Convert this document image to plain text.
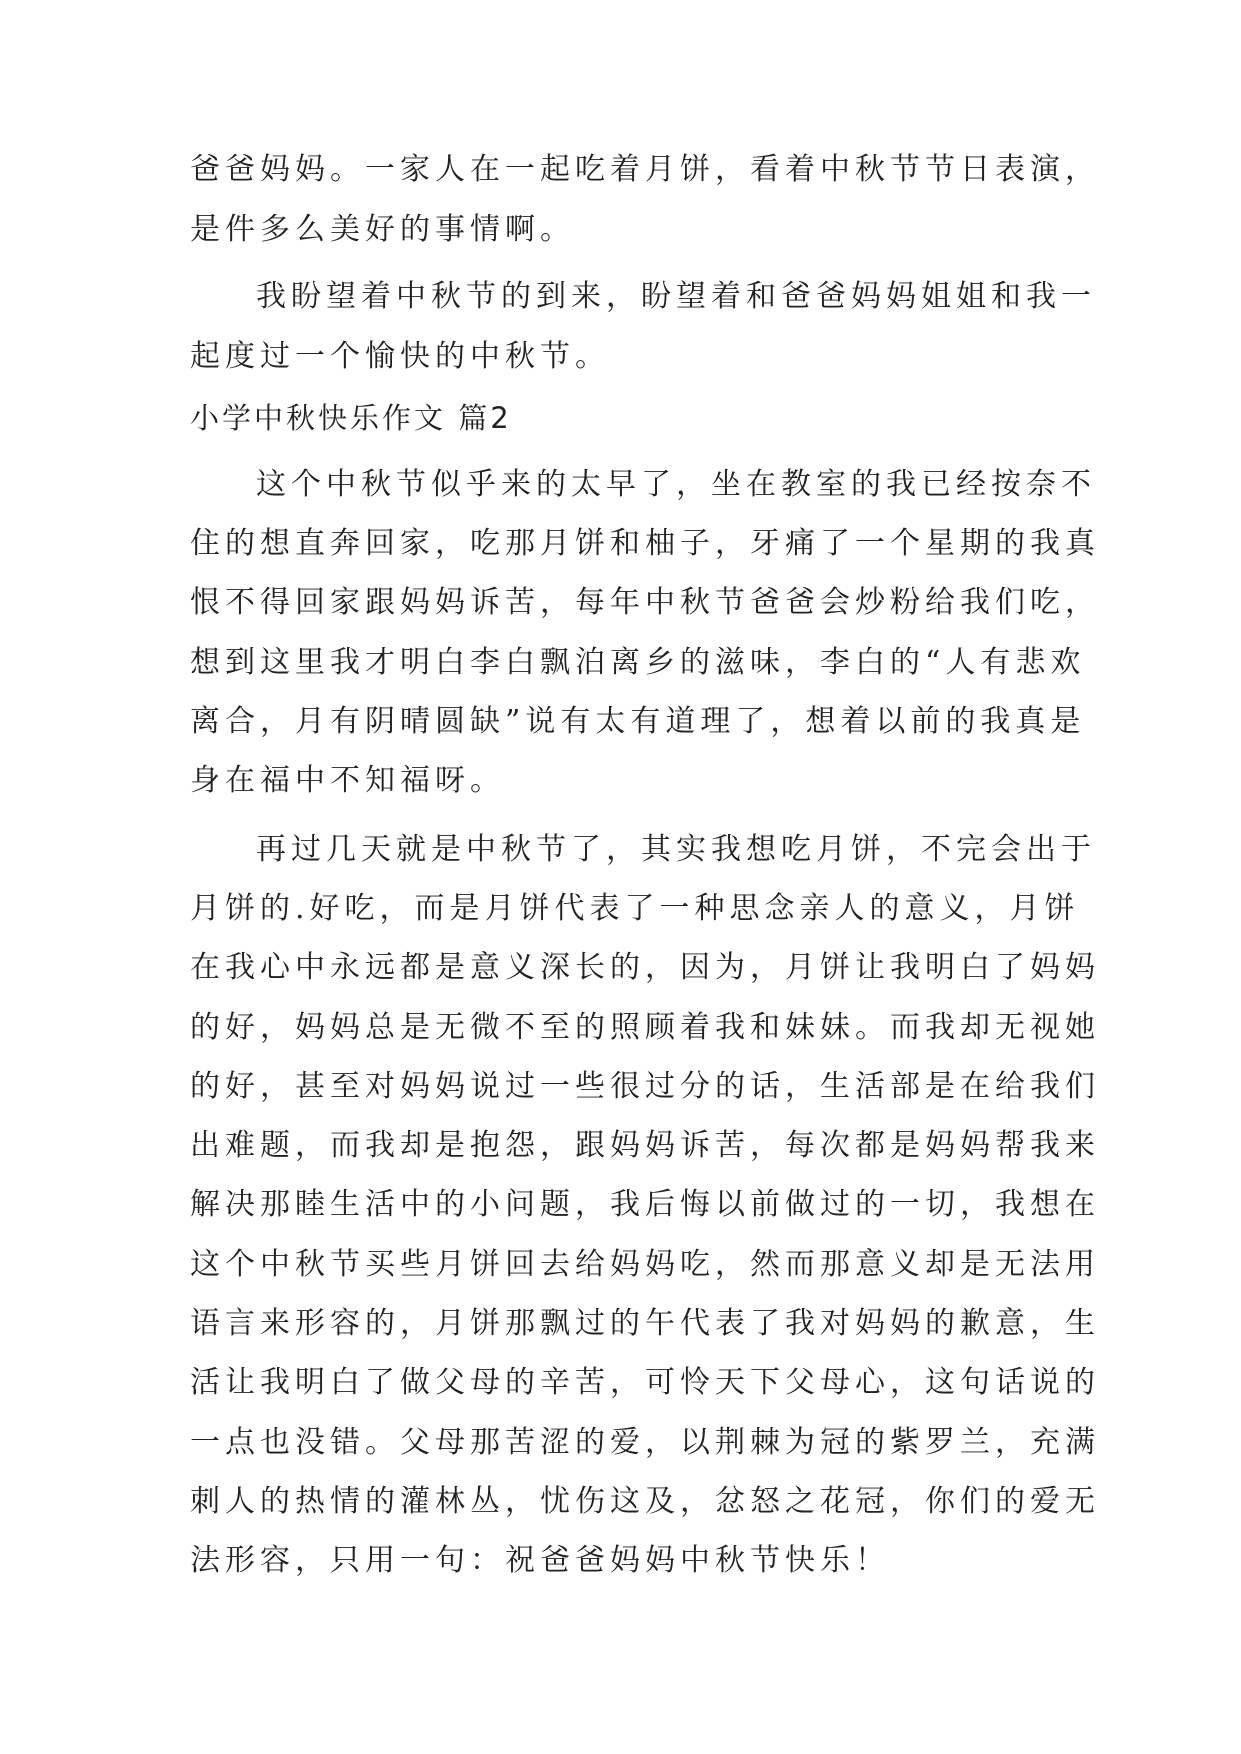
爸爸妈妈。一家人在一起吃着月饼，看着中秋节节日表演，
是件多么美好的事情啊。
我盼望着中秋节的到来，盼望着和爸爸妈妈姐姐和我一
起度过一个愉快的中秋节。
小学中秋快乐作文 篇2
这个中秋节似乎来的太早了，坐在教室的我已经按奈不
住的想直奔回家，吃那月饼和柚子，牙痛了一个星期的我真
恨不得回家跟妈妈诉苦，每年中秋节爸爸会炒粉给我们吃，
想到这里我才明白李白飘泊离乡的滋味，李白的“人有悲欢
离合，月有阴晴圆缺”说有太有道理了，想着以前的我真是
身在福中不知福呀。
再过几天就是中秋节了，其实我想吃月饼，不完会出于
月饼的.好吃，而是月饼代表了一种思念亲人的意义，月饼
在我心中永远都是意义深长的，因为，月饼让我明白了妈妈
的好，妈妈总是无微不至的照顾着我和妹妹。而我却无视她
的好，甚至对妈妈说过一些很过分的话，生活部是在给我们
出难题，而我却是抱怨，跟妈妈诉苦，每次都是妈妈帮我来
解决那睦生活中的小问题，我后悔以前做过的一切，我想在
这个中秋节买些月饼回去给妈妈吃，然而那意义却是无法用
语言来形容的，月饼那飘过的午代表了我对妈妈的歉意，生
活让我明白了做父母的辛苦，可怜天下父母心，这句话说的
一点也没错。父母那苦涩的爱，以荆棘为冠的紫罗兰，充满
刺人的热情的灌林丛，忧伤这及，忿怒之花冠，你们的爱无
法形容，只用一句：祝爸爸妈妈中秋节快乐！
